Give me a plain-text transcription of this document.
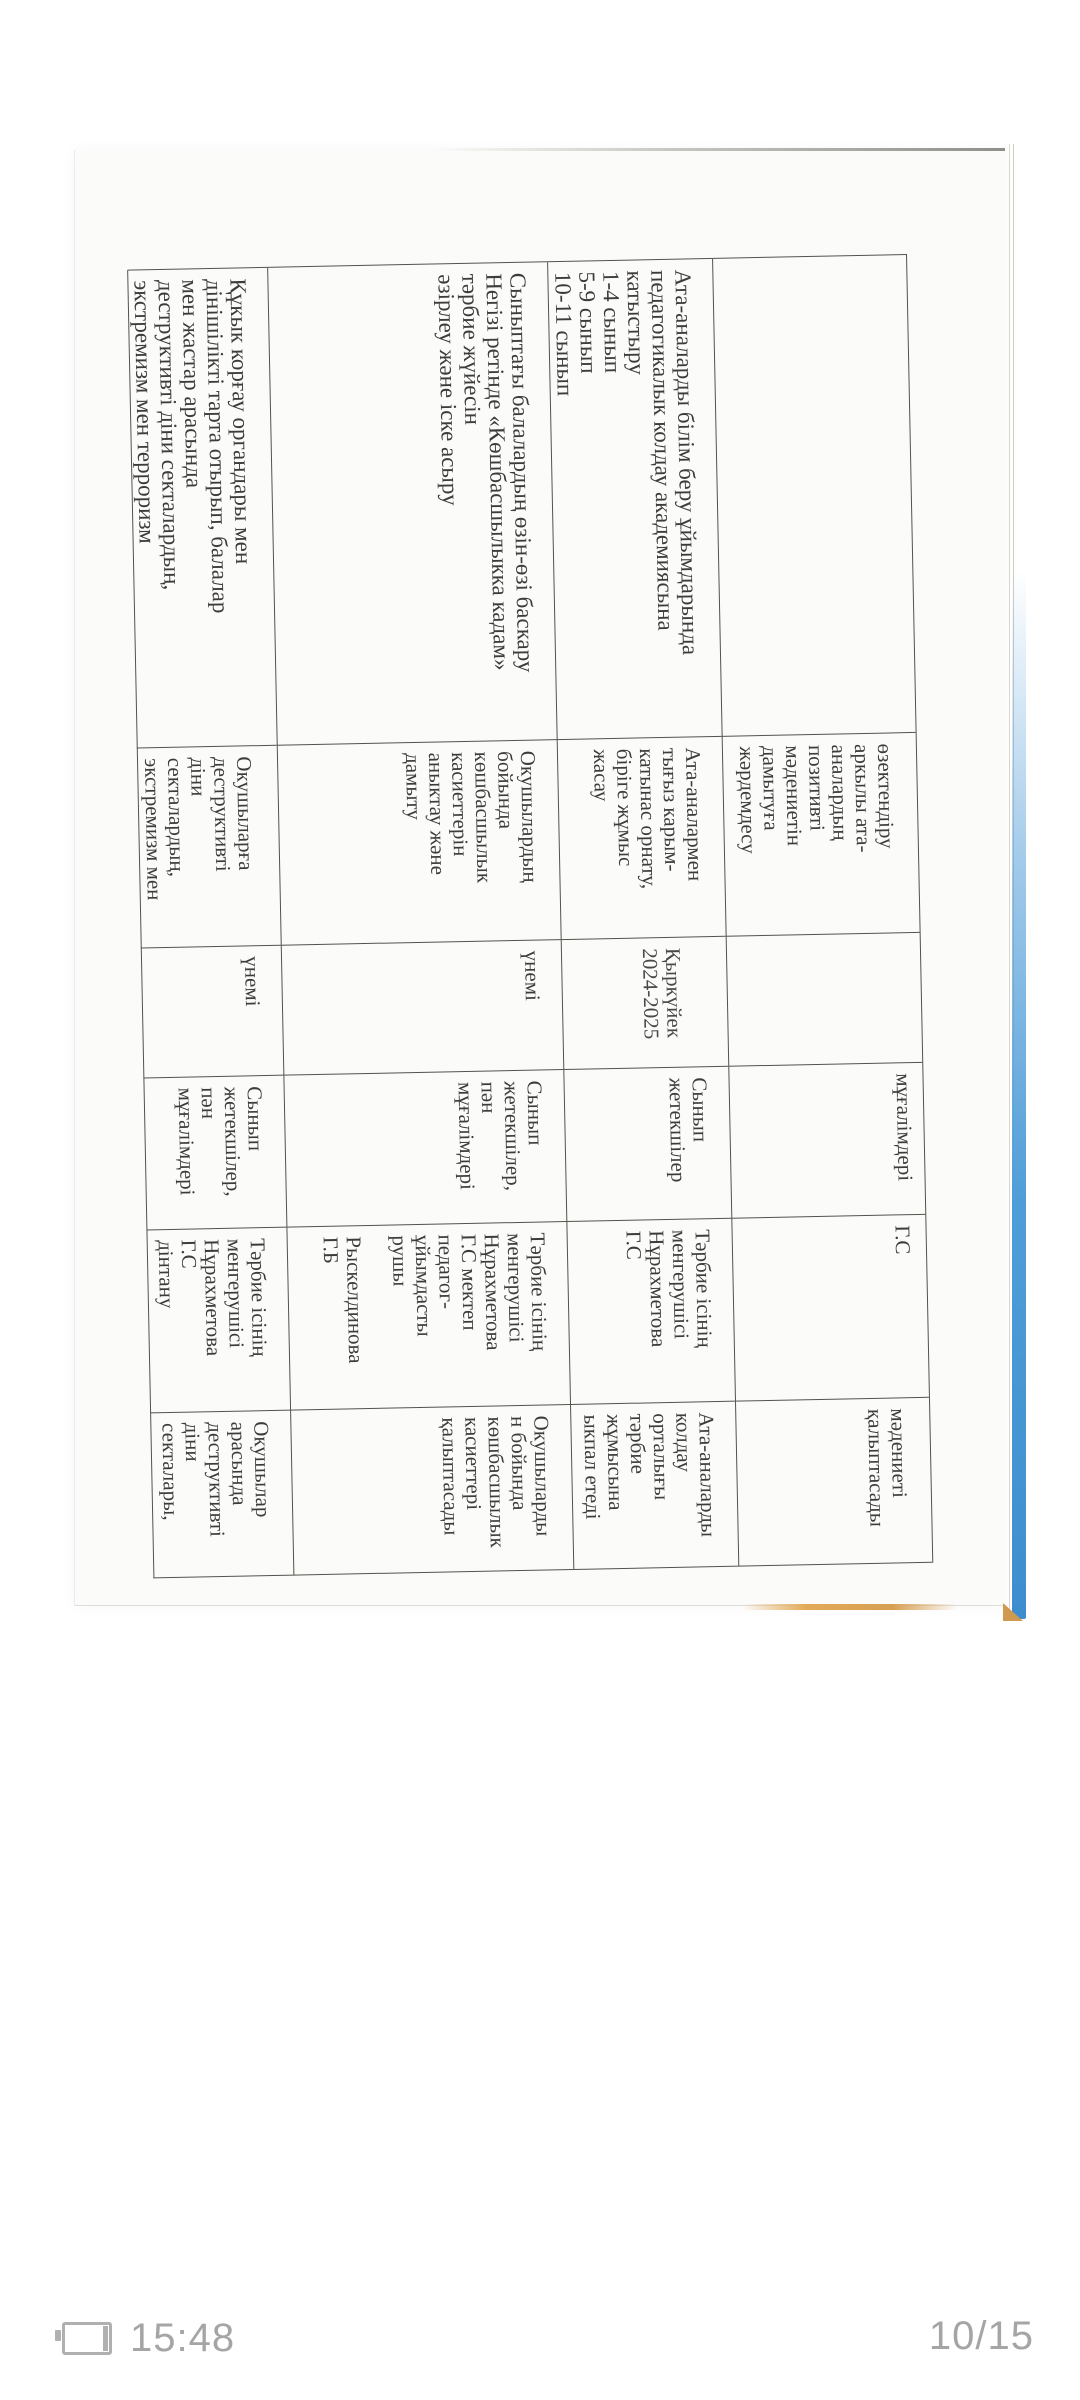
өзектендіру
аркылы ата-
аналардың
позитивті
мәдениетін
дамытуға
жәрдемдесу
мұғалімдері
Г.С
мәдениеті
қалыптасады
Ата-аналарды білім беру ұйымдарында
педагогикалык колдау академиясына
катыстыру
1-4 сынып
5-9 сынып
10-11 сынып
Ата-аналармен
тығыз карым-
катынас орнату,
біріге жұмыс
жасау
Қыркүйек
2024-2025
Сынып
жетекшілер
Тәрбие ісінің
менгерушісі
Нұрахметова
Г.С
Ата-аналарды
колдау
орталығы
тәрбие
жұмысына
ыкпал етеді
Сыныптағы балалардың өзін-өзі баскару
Негізі ретінде «Көшбасшылыкка кадам»
тәрбие жүйесін
әзірлеу және іске асыру
Окушылардың
бойында
көшбасшылык
касиеттерін
аныктау және
дамыту
үнемі
Сынып
жетекшілер,
пән
мұғалімдері
Тәрбие ісінің
менгерушісі
Нұрахметова
Г.С мектеп
педагог-
ұйымдасты
рушы

Рыскелдинова
Г.Б
Окушыларды
н бойында
көшбасшылык
касиеттері
қалыптасады
Құкык корғау органдары мен
дінішілікті тарта отырып, балалар
мен жастар арасында
деструктивті діни секталардың,
экстремизм мен терроризм
Окушыларға
деструктивті
діни
секталардың,
экстремизм мен
үнемі
Сынып
жетекшілер,
пән
мұғалімдері
Тәрбие ісінің
менгерушісі
Нұрахметова
Г.С
дінтану
Окушылар
арасында
деструктивті
діни
секталары,
15:48	10/15
